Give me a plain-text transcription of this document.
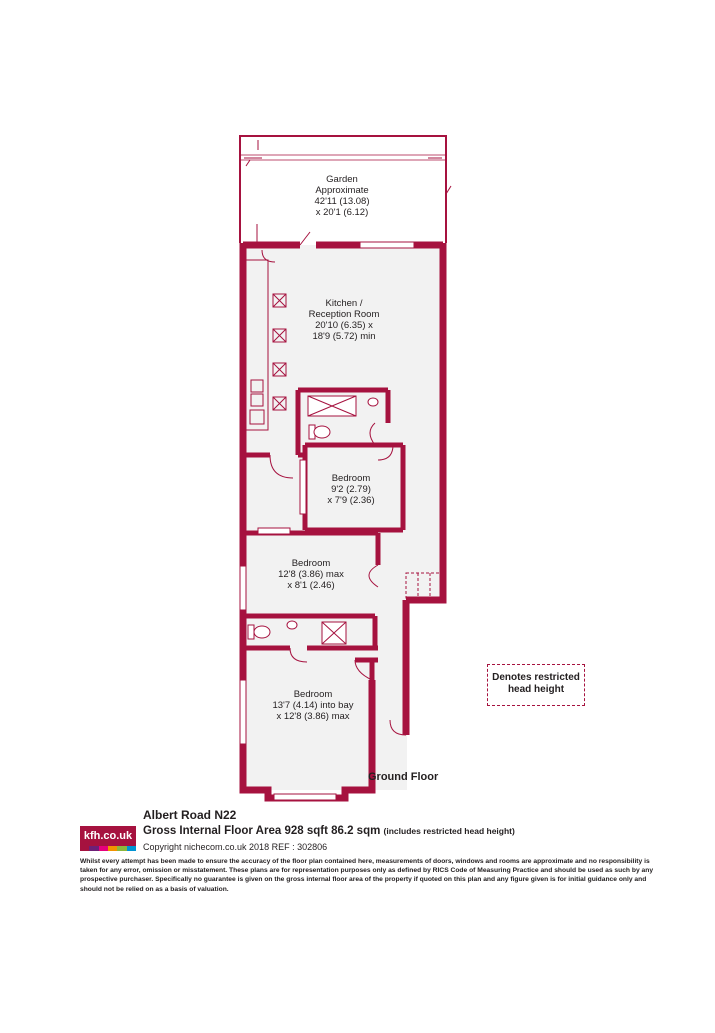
Garden
Approximate
42'11 (13.08)
x 20'1 (6.12)
Kitchen /
Reception Room
20'10 (6.35) x
18'9 (5.72) min
Bedroom
9'2 (2.79)
x 7'9 (2.36)
Bedroom
12'8 (3.86) max
x 8'1 (2.46)
Bedroom
13'7 (4.14) into bay
x 12'8 (3.86) max
Ground Floor
Denotes restricted
head height
kfh.co.uk
Albert Road N22
Gross Internal Floor Area 928 sqft 86.2 sqm (includes restricted head height)
Copyright nichecom.co.uk 2018 REF : 302806
Whilst every attempt has been made to ensure the accuracy of the floor plan contained here, measurements of doors, windows and rooms are approximate and no responsibility is taken for any error, omission or misstatement. These plans are for representation purposes only as defined by RICS Code of Measuring Practice and should be used as such by any prospective purchaser. Specifically no guarantee is given on the gross internal floor area of the property if quoted on this plan and any figure given is for initial guidance only and should not be relied on as a basis of valuation.
